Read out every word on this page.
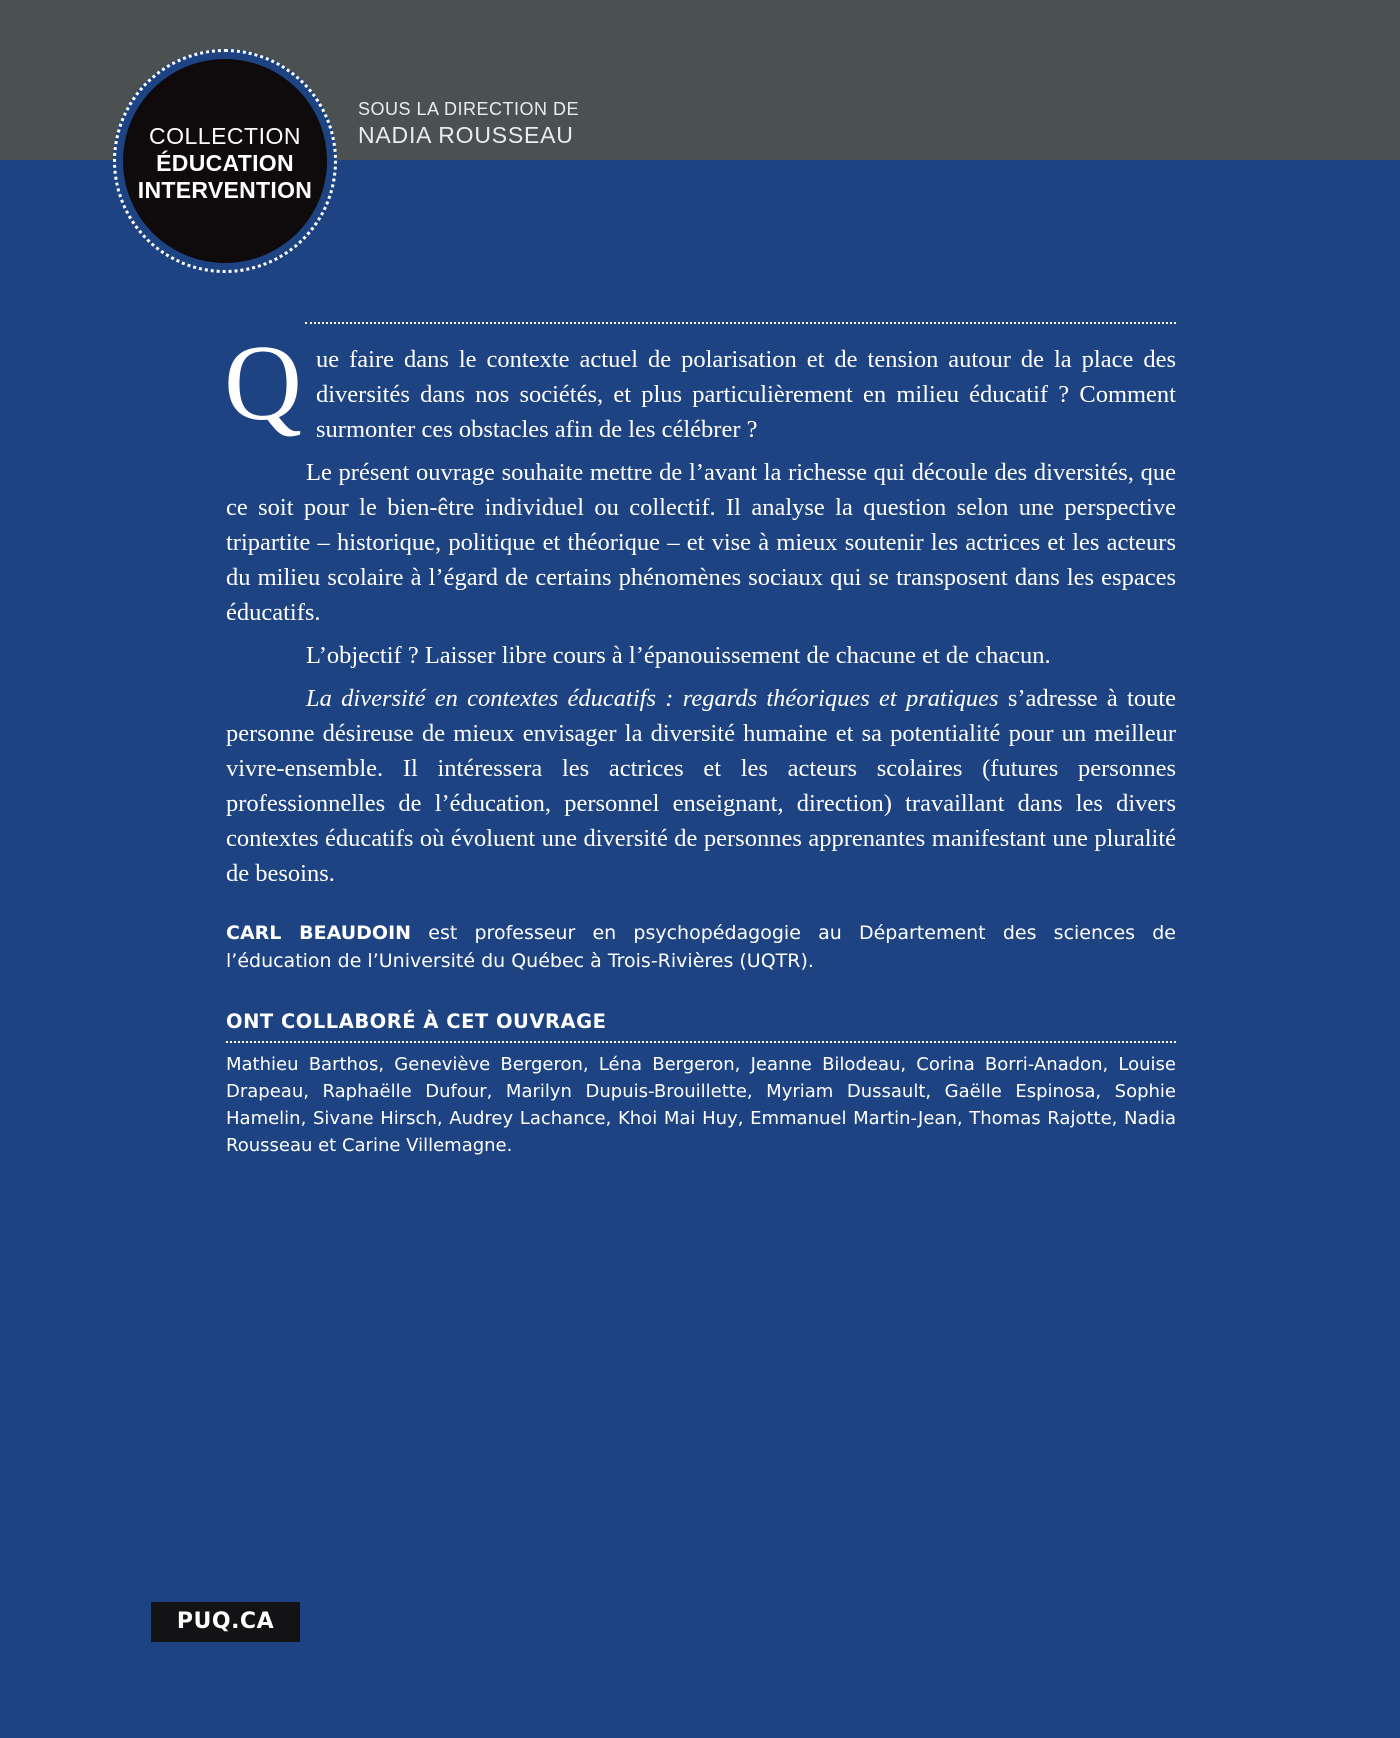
COLLECTION
ÉDUCATION
INTERVENTION
SOUS LA DIRECTION DE
NADIA ROUSSEAU

Que faire dans le contexte actuel de polarisation et de tension autour de la place des diversités dans nos sociétés, et plus particulièrement en milieu éducatif ? Comment surmonter ces obstacles afin de les célébrer ?

Le présent ouvrage souhaite mettre de l’avant la richesse qui découle des diversités, que ce soit pour le bien-être individuel ou collectif. Il analyse la question selon une perspective tripartite – historique, politique et théorique – et vise à mieux soutenir les actrices et les acteurs du milieu scolaire à l’égard de certains phénomènes sociaux qui se transposent dans les espaces éducatifs.

L’objectif ? Laisser libre cours à l’épanouissement de chacune et de chacun.

La diversité en contextes éducatifs : regards théoriques et pratiques s’adresse à toute personne désireuse de mieux envisager la diversité humaine et sa potentialité pour un meilleur vivre-ensemble. Il intéressera les actrices et les acteurs scolaires (futures personnes professionnelles de l’éducation, personnel enseignant, direction) travaillant dans les divers contextes éducatifs où évoluent une diversité de personnes apprenantes manifestant une pluralité de besoins.

CARL BEAUDOIN est professeur en psychopédagogie au Département des sciences de l’éducation de l’Université du Québec à Trois-Rivières (UQTR).

ONT COLLABORÉ À CET OUVRAGE

Mathieu Barthos, Geneviève Bergeron, Léna Bergeron, Jeanne Bilodeau, Corina Borri-Anadon, Louise Drapeau, Raphaëlle Dufour, Marilyn Dupuis-Brouillette, Myriam Dussault, Gaëlle Espinosa, Sophie Hamelin, Sivane Hirsch, Audrey Lachance, Khoi Mai Huy, Emmanuel Martin-Jean, Thomas Rajotte, Nadia Rousseau et Carine Villemagne.

PUQ.CA
